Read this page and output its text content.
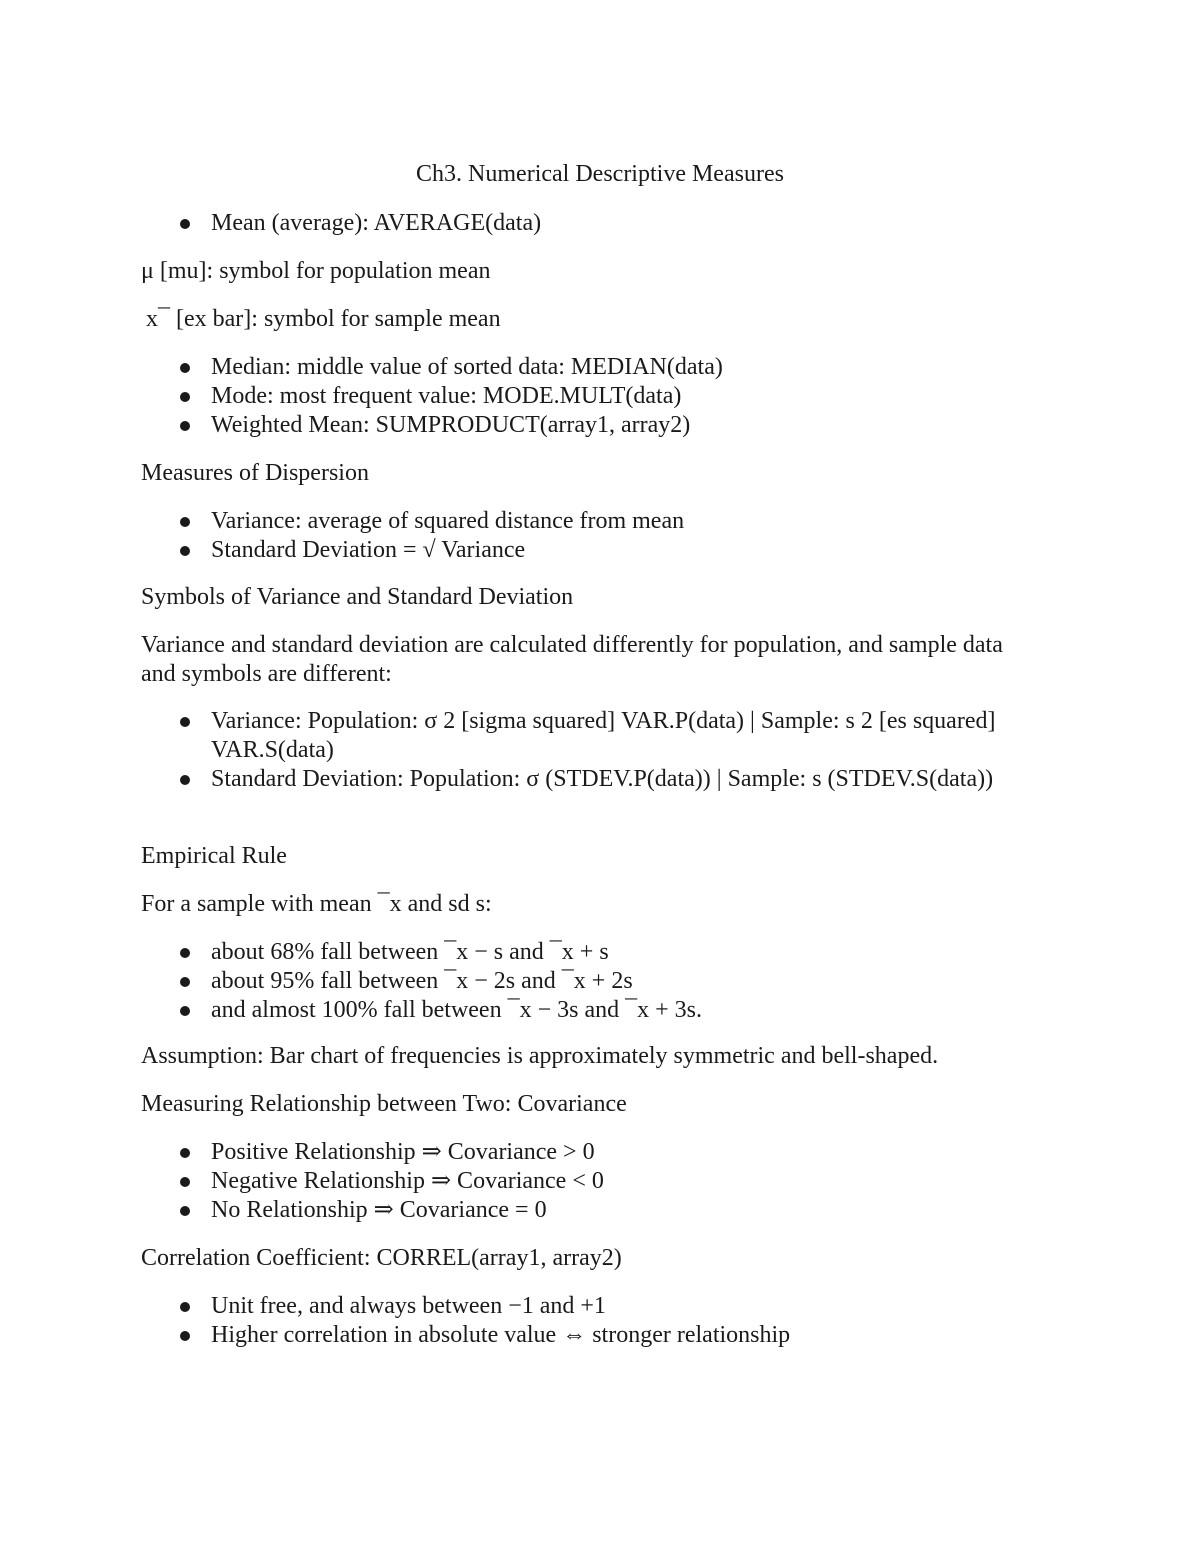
Ch3. Numerical Descriptive Measures
Mean (average): AVERAGE(data)

μ [mu]: symbol for population mean

x¯ [ex bar]: symbol for sample mean

Median: middle value of sorted data: MEDIAN(data)
Mode: most frequent value: MODE.MULT(data)
Weighted Mean: SUMPRODUCT(array1, array2)

Measures of Dispersion

Variance: average of squared distance from mean
Standard Deviation = √ Variance

Symbols of Variance and Standard Deviation

Variance and standard deviation are calculated differently for population, and sample data and symbols are different:

Variance: Population: σ 2 [sigma squared] VAR.P(data) | Sample: s 2 [es squared] VAR.S(data)
Standard Deviation: Population: σ (STDEV.P(data)) | Sample: s (STDEV.S(data))

Empirical Rule

For a sample with mean ¯x and sd s:

about 68% fall between ¯x − s and ¯x + s
about 95% fall between ¯x − 2s and ¯x + 2s
and almost 100% fall between ¯x − 3s and ¯x + 3s.

Assumption: Bar chart of frequencies is approximately symmetric and bell-shaped.

Measuring Relationship between Two: Covariance

Positive Relationship ⇒ Covariance > 0
Negative Relationship ⇒ Covariance < 0
No Relationship ⇒ Covariance = 0

Correlation Coefficient: CORREL(array1, array2)

Unit free, and always between −1 and +1
Higher correlation in absolute value ⇔ stronger relationship
